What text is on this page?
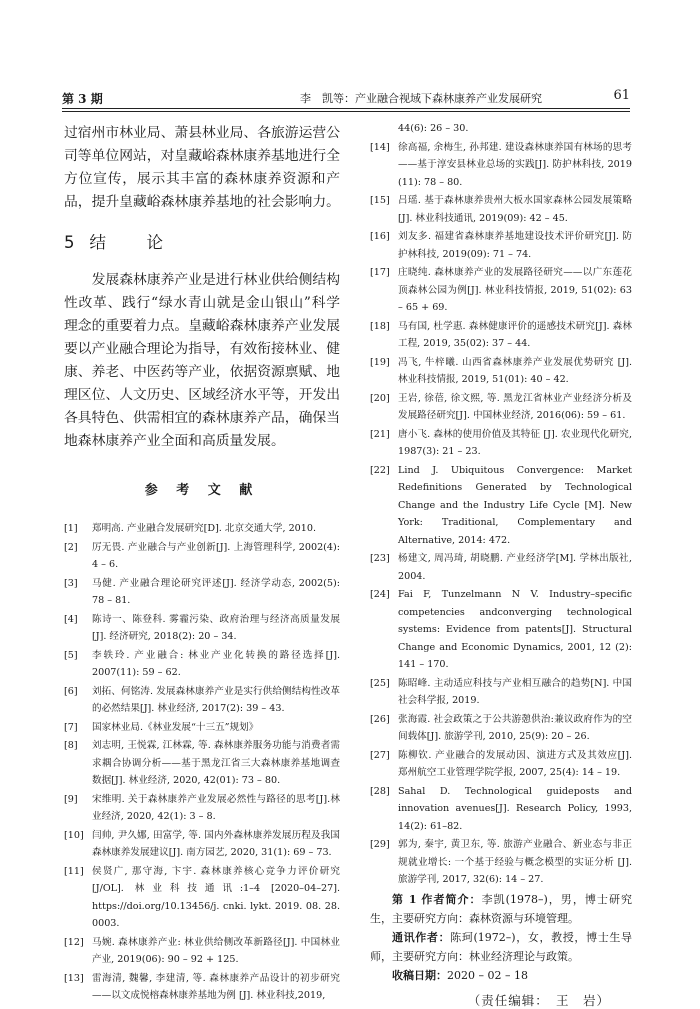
第 3 期	李　凯等：产业融合视域下森林康养产业发展研究	61

过宿州市林业局、萧县林业局、各旅游运营公司等单位网站，对皇藏峪森林康养基地进行全方位宣传，展示其丰富的森林康养资源和产品，提升皇藏峪森林康养基地的社会影响力。

5 结　论

发展森林康养产业是进行林业供给侧结构性改革、践行“绿水青山就是金山银山”科学理念的重要着力点。皇藏峪森林康养产业发展要以产业融合理论为指导，有效衔接林业、健康、养老、中医药等产业，依据资源禀赋、地理区位、人文历史、区域经济水平等，开发出各具特色、供需相宜的森林康养产品，确保当地森林康养产业全面和高质量发展。

参 考 文 献
[1] 郑明高. 产业融合发展研究[D]. 北京交通大学, 2010.
[2] 厉无畏. 产业融合与产业创新[J]. 上海管理科学, 2002(4): 4 – 6.
[3] 马健. 产业融合理论研究评述[J]. 经济学动态, 2002(5): 78 – 81.
[4] 陈诗一、陈登科. 雾霾污染、政府治理与经济高质量发展[J]. 经济研究, 2018(2): 20 – 34.
[5] 李轶玲. 产业融合: 林业产业化转换的路径选择[J]. 2007(11): 59 – 62.
[6] 刘拓、何铭涛. 发展森林康养产业是实行供给侧结构性改革的必然结果[J]. 林业经济, 2017(2): 39 – 43.
[7] 国家林业局.《林业发展“十三五”规划》
[8] 刘志明, 王悦霖, 江林霖, 等. 森林康养服务功能与消费者需求耦合协调分析——基于黑龙江省三大森林康养基地调查数据[J]. 林业经济, 2020, 42(01): 73 – 80.
[9] 宋维明. 关于森林康养产业发展必然性与路径的思考[J].林业经济, 2020, 42(1): 3 – 8.
[10] 闫帅, 尹久娜, 田富学, 等. 国内外森林康养发展历程及我国森林康养发展建议[J]. 南方园艺, 2020, 31(1): 69 – 73.
[11] 侯贤广, 那守海, 卞宇. 森林康养核心竞争力评价研究[J/OL]. 林业科技通讯:1–4 [2020–04–27]. https://doi.org/10.13456/j. cnki. lykt. 2019. 08. 28. 0003.
[12] 马婉. 森林康养产业: 林业供给侧改革新路径[J]. 中国林业产业, 2019(06): 90 – 92 + 125.
[13] 雷海清, 魏馨, 李建清, 等. 森林康养产品设计的初步研究——以文成悦榕森林康养基地为例 [J]. 林业科技,2019,
44(6): 26 – 30.
[14] 徐高福, 余梅生, 孙邦建. 建设森林康养国有林场的思考——基于淳安县林业总场的实践[J]. 防护林科技, 2019 (11): 78 – 80.
[15] 吕瑶. 基于森林康养贵州大板水国家森林公园发展策略[J]. 林业科技通讯, 2019(09): 42 – 45.
[16] 刘友多. 福建省森林康养基地建设技术评价研究[J]. 防护林科技, 2019(09): 71 – 74.
[17] 庄晓纯. 森林康养产业的发展路径研究——以广东莲花顶森林公园为例[J]. 林业科技情报, 2019, 51(02): 63 – 65 + 69.
[18] 马有国, 杜学惠. 森林健康评价的遥感技术研究[J]. 森林工程, 2019, 35(02): 37 – 44.
[19] 冯飞, 牛梓曦. 山西省森林康养产业发展优势研究 [J]. 林业科技情报, 2019, 51(01): 40 – 42.
[20] 王岩, 徐蓓, 徐文熙, 等. 黑龙江省林业产业经济分析及发展路径研究[J]. 中国林业经济, 2016(06): 59 – 61.
[21] 唐小飞. 森林的使用价值及其特征 [J]. 农业现代化研究, 1987(3): 21 – 23.
[22] Lind J. Ubiquitous Convergence: Market Redefinitions Generated by Technological Change and the Industry Life Cycle [M]. New York: Traditional, Complementary and Alternative, 2014: 472.
[23] 杨建文, 周冯琦, 胡晓鹏. 产业经济学[M]. 学林出版社, 2004.
[24] Fai F, Tunzelmann N V. Industry–specific competencies andconverging technological systems: Evidence from patents[J]. Structural Change and Economic Dynamics, 2001, 12 (2): 141 – 170.
[25] 陈昭峰. 主动适应科技与产业相互融合的趋势[N]. 中国社会科学报, 2019.
[26] 张海霞. 社会政策之于公共游憩供治:兼议政府作为的空间载体[J]. 旅游学刊, 2010, 25(9): 20 – 26.
[27] 陈柳钦. 产业融合的发展动因、演进方式及其效应[J]. 郑州航空工业管理学院学报, 2007, 25(4): 14 – 19.
[28] Sahal D. Technological guideposts and innovation avenues[J]. Research Policy, 1993, 14(2): 61–82.
[29] 郭为, 秦宇, 黄卫东, 等. 旅游产业融合、新业态与非正规就业增长: 一个基于经验与概念模型的实证分析 [J]. 旅游学刊, 2017, 32(6): 14 – 27.

第 1 作者简介：李凯(1978–)，男，博士研究生，主要研究方向：森林资源与环境管理。

通讯作者：陈珂(1972–)，女，教授，博士生导师，主要研究方向：林业经济理论与政策。

收稿日期：2020 – 02 – 18

（责任编辑：　王　岩）
